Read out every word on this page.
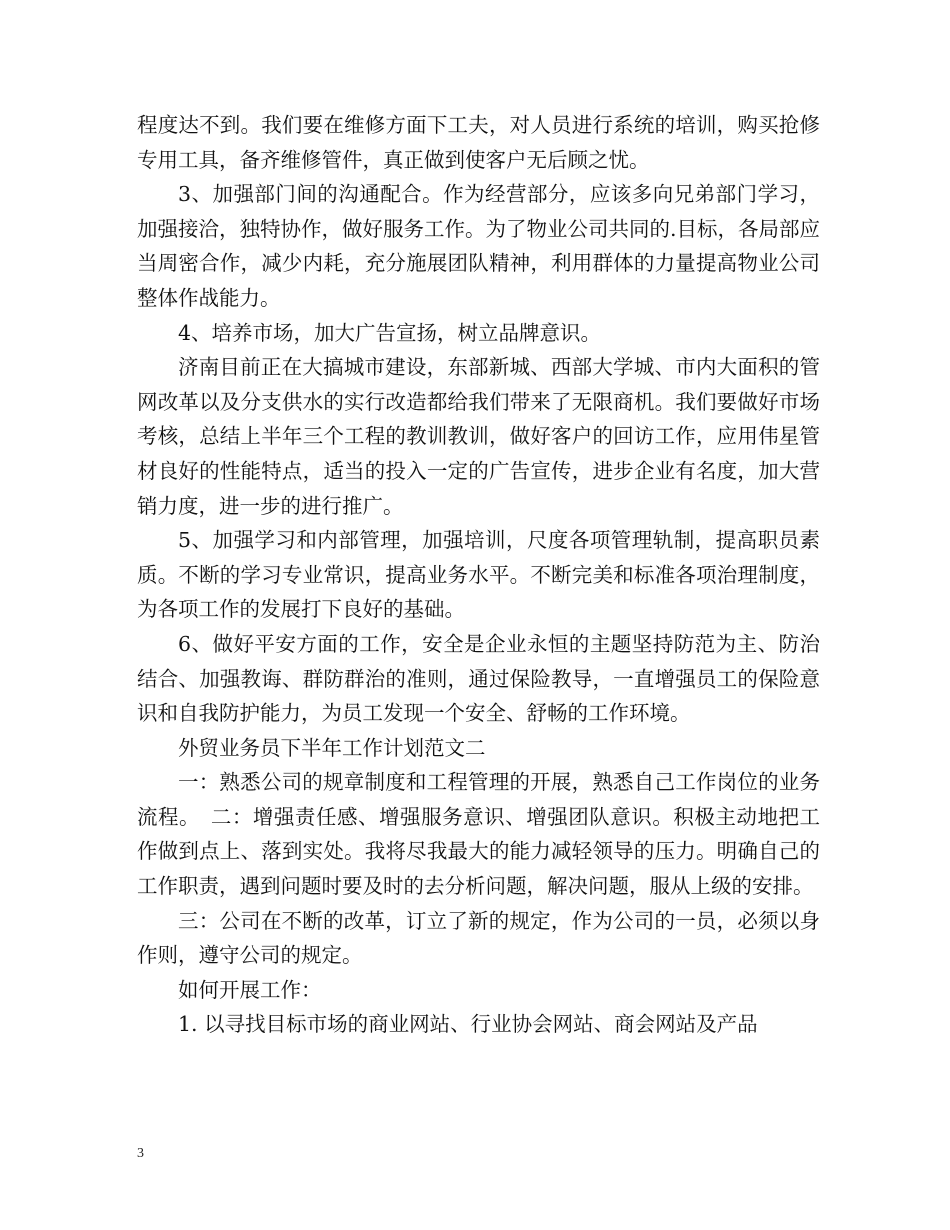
程度达不到。我们要在维修方面下工夫，对人员进行系统的培训，购买抢修专用工具，备齐维修管件，真正做到使客户无后顾之忧。

3、加强部门间的沟通配合。作为经营部分，应该多向兄弟部门学习，加强接洽，独特协作，做好服务工作。为了物业公司共同的.目标，各局部应当周密合作，减少内耗，充分施展团队精神，利用群体的力量提高物业公司整体作战能力。

4、培养市场，加大广告宣扬，树立品牌意识。

济南目前正在大搞城市建设，东部新城、西部大学城、市内大面积的管网改革以及分支供水的实行改造都给我们带来了无限商机。我们要做好市场考核，总结上半年三个工程的教训教训，做好客户的回访工作，应用伟星管材良好的性能特点，适当的投入一定的广告宣传，进步企业有名度，加大营销力度，进一步的进行推广。

5、加强学习和内部管理，加强培训，尺度各项管理轨制，提高职员素质。不断的学习专业常识，提高业务水平。不断完美和标准各项治理制度，为各项工作的发展打下良好的基础。

6、做好平安方面的工作，安全是企业永恒的主题坚持防范为主、防治结合、加强教诲、群防群治的准则，通过保险教导，一直增强员工的保险意识和自我防护能力，为员工发现一个安全、舒畅的工作环境。

外贸业务员下半年工作计划范文二

一：熟悉公司的规章制度和工程管理的开展，熟悉自己工作岗位的业务流程。　二：增强责任感、增强服务意识、增强团队意识。积极主动地把工作做到点上、落到实处。我将尽我最大的能力减轻领导的压力。明确自己的工作职责，遇到问题时要及时的去分析问题，解决问题，服从上级的安排。

三：公司在不断的改革，订立了新的规定，作为公司的一员，必须以身作则，遵守公司的规定。

如何开展工作：

1. 以寻找目标市场的商业网站、行业协会网站、商会网站及产品

3
